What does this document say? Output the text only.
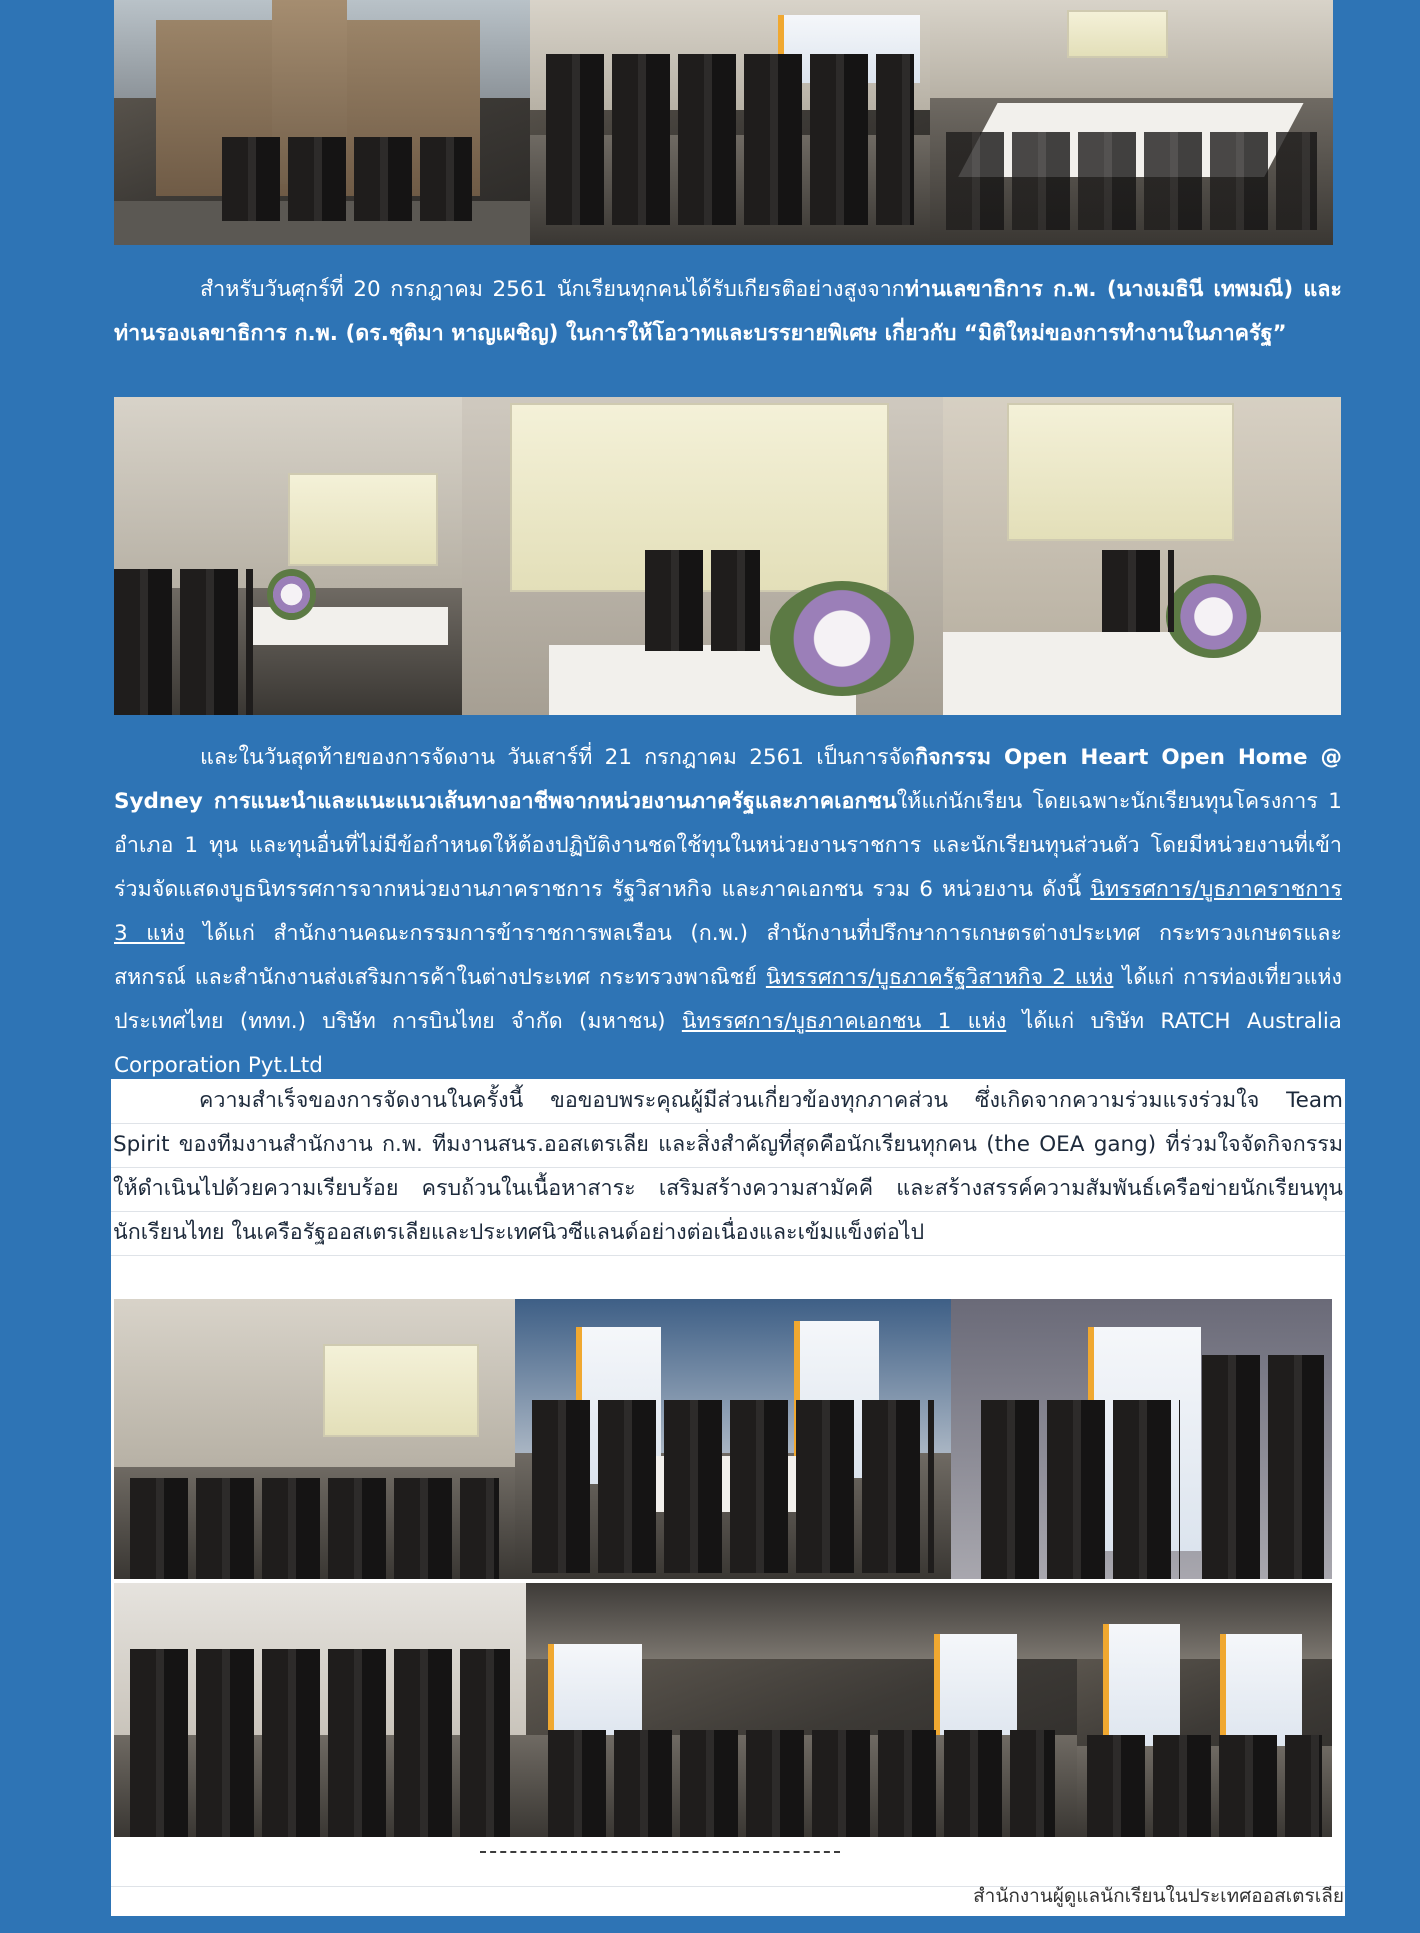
สำหรับวันศุกร์ที่ 20 กรกฎาคม 2561 นักเรียนทุกคนได้รับเกียรติอย่างสูงจากท่านเลขาธิการ ก.พ. (นางเมธินี เทพมณี) และท่านรองเลขาธิการ ก.พ. (ดร.ชุติมา หาญเผชิญ) ในการให้โอวาทและบรรยายพิเศษ เกี่ยวกับ “มิติใหม่ของการทำงานในภาครัฐ”

และในวันสุดท้ายของการจัดงาน วันเสาร์ที่ 21 กรกฎาคม 2561 เป็นการจัดกิจกรรม Open Heart Open Home @ Sydney การแนะนำและแนะแนวเส้นทางอาชีพจากหน่วยงานภาครัฐและภาคเอกชนให้แก่นักเรียน โดยเฉพาะนักเรียนทุนโครงการ 1 อำเภอ 1 ทุน และทุนอื่นที่ไม่มีข้อกำหนดให้ต้องปฏิบัติงานชดใช้ทุนในหน่วยงานราชการ และนักเรียนทุนส่วนตัว โดยมีหน่วยงานที่เข้าร่วมจัดแสดงบูธนิทรรศการจากหน่วยงานภาคราชการ รัฐวิสาหกิจ และภาคเอกชน รวม 6 หน่วยงาน ดังนี้ นิทรรศการ/บูธภาคราชการ 3 แห่ง ได้แก่ สำนักงานคณะกรรมการข้าราชการพลเรือน (ก.พ.) สำนักงานที่ปรึกษาการเกษตรต่างประเทศ กระทรวงเกษตรและสหกรณ์ และสำนักงานส่งเสริมการค้าในต่างประเทศ กระทรวงพาณิชย์ นิทรรศการ/บูธภาครัฐวิสาหกิจ 2 แห่ง ได้แก่ การท่องเที่ยวแห่งประเทศไทย (ททท.) บริษัท การบินไทย จำกัด (มหาชน) นิทรรศการ/บูธภาคเอกชน 1 แห่ง ได้แก่ บริษัท RATCH Australia Corporation Pyt.Ltd

ความสำเร็จของการจัดงานในครั้งนี้ ขอขอบพระคุณผู้มีส่วนเกี่ยวข้องทุกภาคส่วน ซึ่งเกิดจากความร่วมแรงร่วมใจ Team Spirit ของทีมงานสำนักงาน ก.พ. ทีมงานสนร.ออสเตรเลีย และสิ่งสำคัญที่สุดคือนักเรียนทุกคน (the OEA gang) ที่ร่วมใจจัดกิจกรรมให้ดำเนินไปด้วยความเรียบร้อย ครบถ้วนในเนื้อหาสาระ เสริมสร้างความสามัคคี และสร้างสรรค์ความสัมพันธ์เครือข่ายนักเรียนทุน นักเรียนไทย ในเครือรัฐออสเตรเลียและประเทศนิวซีแลนด์อย่างต่อเนื่องและเข้มแข็งต่อไป

สำนักงานผู้ดูแลนักเรียนในประเทศออสเตรเลีย
